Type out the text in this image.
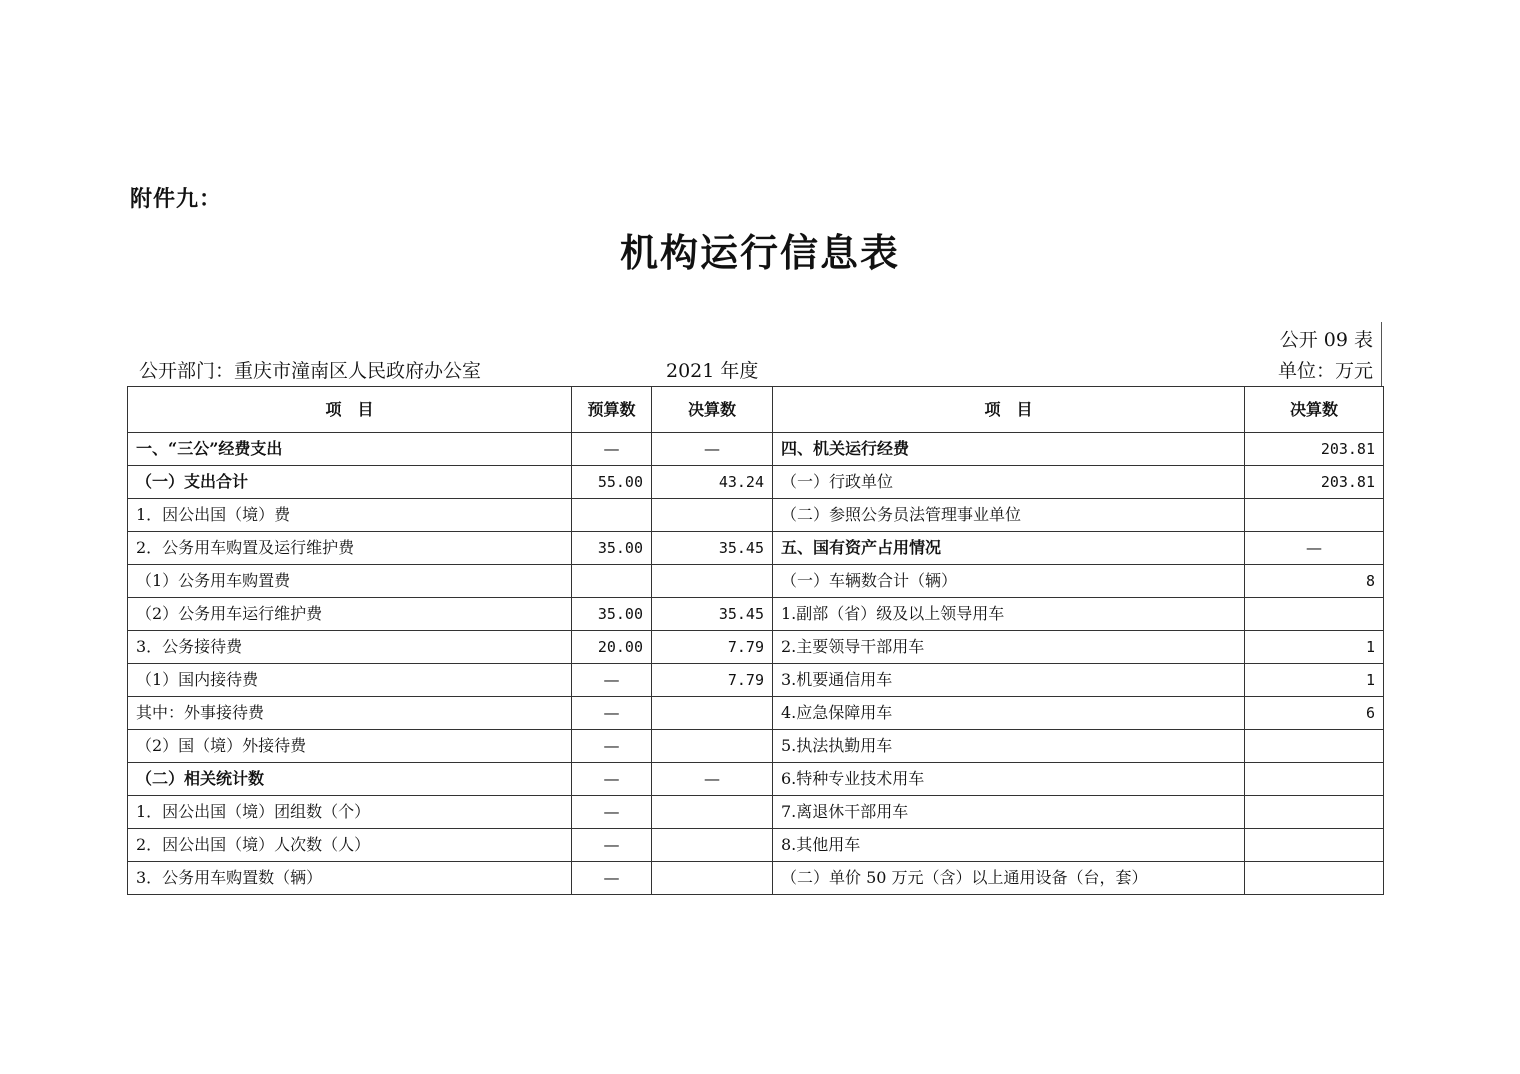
附件九：
机构运行信息表
公开 09 表
公开部门：重庆市潼南区人民政府办公室	2021 年度	单位：万元
项　目	预算数	决算数	项　目	决算数
一、“三公”经费支出	—	—	四、机关运行经费	203.81
（一）支出合计	55.00	43.24	（一）行政单位	203.81
1．因公出国（境）费			（二）参照公务员法管理事业单位	
2．公务用车购置及运行维护费	35.00	35.45	五、国有资产占用情况	—
（1）公务用车购置费			（一）车辆数合计（辆）	8
（2）公务用车运行维护费	35.00	35.45	1.副部（省）级及以上领导用车	
3．公务接待费	20.00	7.79	2.主要领导干部用车	1
（1）国内接待费	—	7.79	3.机要通信用车	1
其中：外事接待费	—		4.应急保障用车	6
（2）国（境）外接待费	—		5.执法执勤用车	
（二）相关统计数	—	—	6.特种专业技术用车	
1．因公出国（境）团组数（个）	—		7.离退休干部用车	
2．因公出国（境）人次数（人）	—		8.其他用车	
3．公务用车购置数（辆）	—		（二）单价 50 万元（含）以上通用设备（台，套）	
